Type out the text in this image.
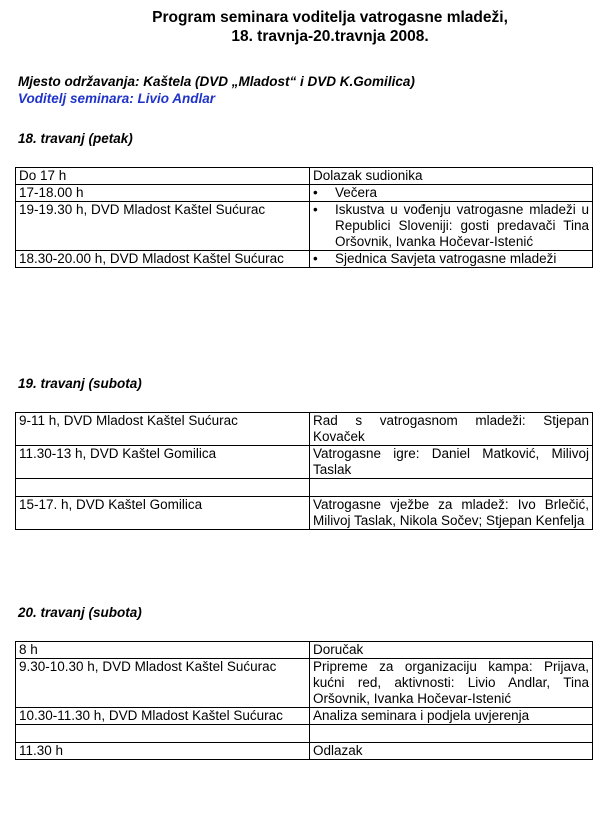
Program seminara voditelja vatrogasne mladeži,
18. travnja-20.travnja 2008.
Mjesto održavanja: Kaštela (DVD „Mladost“ i DVD K.Gomilica)
Voditelj seminara: Livio Andlar
18. travanj (petak)
Do 17 h	Dolazak sudionika
17-18.00 h	• Večera

19-19.30 h, DVD Mladost Kaštel Sućurac	• Iskustva u vođenju vatrogasne mladeži u Republici Sloveniji: gosti predavači Tina Oršovnik, Ivanka Hočevar-Istenić

18.30-20.00 h, DVD Mladost Kaštel Sućurac	• Sjednica Savjeta vatrogasne mladeži
19. travanj (subota)
9-11 h, DVD Mladost Kaštel Sućurac	Rad s vatrogasnom mladeži: Stjepan Kovaček
11.30-13 h, DVD Kaštel Gomilica	Vatrogasne igre: Daniel Matković, Milivoj Taslak

15-17. h, DVD Kaštel Gomilica	Vatrogasne vježbe za mladež: Ivo Brlečić, Milivoj Taslak, Nikola Sočev; Stjepan Kenfelja
20. travanj (subota)
8 h	Doručak
9.30-10.30 h, DVD Mladost Kaštel Sućurac	Pripreme za organizaciju kampa: Prijava, kućni red, aktivnosti: Livio Andlar, Tina Oršovnik, Ivanka Hočevar-Istenić
10.30-11.30 h, DVD Mladost Kaštel Sućurac	Analiza seminara i podjela uvjerenja

11.30 h	Odlazak
